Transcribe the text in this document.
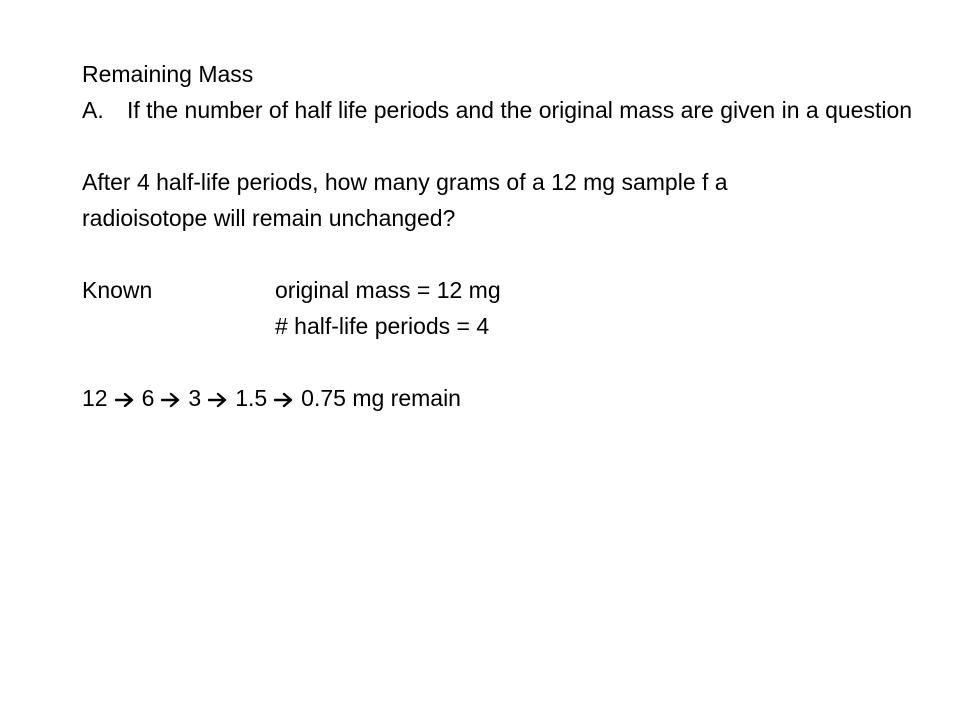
Remaining Mass
A.	If the number of half life periods and the original mass are given in a question
After 4 half-life periods, how many grams of a 12 mg sample f a
radioisotope will remain unchanged?
Known	original mass = 12 mg
# half-life periods = 4
12 6 3 1.5 0.75 mg remain
